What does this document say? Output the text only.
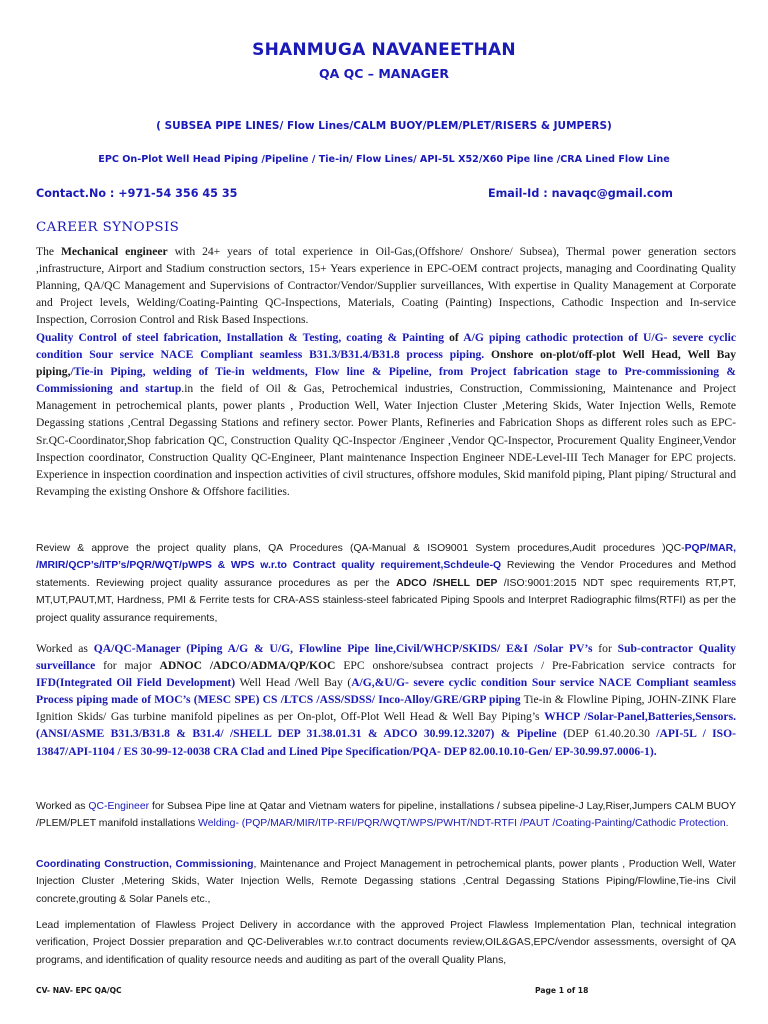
SHANMUGA NAVANEETHAN
QA QC – MANAGER
( SUBSEA PIPE LINES/ Flow Lines/CALM BUOY/PLEM/PLET/RISERS & JUMPERS)
EPC On-Plot Well Head Piping /Pipeline / Tie-in/ Flow Lines/ API-5L X52/X60 Pipe line /CRA Lined Flow Line
Contact.No : +971-54 356 45 35	Email-Id : navaqc@gmail.com
CAREER SYNOPSIS
The Mechanical engineer with 24+ years of total experience in Oil-Gas,(Offshore/ Onshore/ Subsea), Thermal power generation sectors ,infrastructure, Airport and Stadium construction sectors, 15+ Years experience in EPC-OEM contract projects, managing and Coordinating Quality Planning, QA/QC Management and Supervisions of Contractor/Vendor/Supplier surveillances, With expertise in Quality Management at Corporate and Project levels, Welding/Coating-Painting QC-Inspections, Materials, Coating (Painting) Inspections, Cathodic Inspection and In-service Inspection, Corrosion Control and Risk Based Inspections.
Quality Control of steel fabrication, Installation & Testing, coating & Painting of A/G piping cathodic protection of U/G- severe cyclic condition Sour service NACE Compliant seamless B31.3/B31.4/B31.8 process piping. Onshore on-plot/off-plot Well Head, Well Bay piping,/Tie-in Piping, welding of Tie-in weldments, Flow line & Pipeline, from Project fabrication stage to Pre-commissioning & Commissioning and startup.in the field of Oil & Gas, Petrochemical industries, Construction, Commissioning, Maintenance and Project Management in petrochemical plants, power plants , Production Well, Water Injection Cluster ,Metering Skids, Water Injection Wells, Remote Degassing stations ,Central Degassing Stations and refinery sector. Power Plants, Refineries and Fabrication Shops as different roles such as EPC-Sr.QC-Coordinator,Shop fabrication QC, Construction Quality QC-Inspector /Engineer ,Vendor QC-Inspector, Procurement Quality Engineer,Vendor Inspection coordinator, Construction Quality QC-Engineer, Plant maintenance Inspection Engineer NDE-Level-III Tech Manager for EPC projects. Experience in inspection coordination and inspection activities of civil structures, offshore modules, Skid manifold piping, Plant piping/ Structural and Revamping the existing Onshore & Offshore facilities.
Review & approve the project quality plans, QA Procedures (QA-Manual & ISO9001 System procedures,Audit procedures )QC-PQP/MAR, /MRIR/QCP’s/ITP’s/PQR/WQT/pWPS & WPS w.r.to Contract quality requirement,Schdeule-Q Reviewing the Vendor Procedures and Method statements. Reviewing project quality assurance procedures as per the ADCO /SHELL DEP /ISO:9001:2015 NDT spec requirements RT,PT, MT,UT,PAUT,MT, Hardness, PMI & Ferrite tests for CRA-ASS stainless-steel fabricated Piping Spools and Interpret Radiographic films(RTFI) as per the project quality assurance requirements,
Worked as QA/QC-Manager (Piping A/G & U/G, Flowline Pipe line,Civil/WHCP/SKIDS/ E&I /Solar PV’s for Sub-contractor Quality surveillance for major ADNOC /ADCO/ADMA/QP/KOC EPC onshore/subsea contract projects / Pre-Fabrication service contracts for IFD(Integrated Oil Field Development) Well Head /Well Bay (A/G,&U/G- severe cyclic condition Sour service NACE Compliant seamless Process piping made of MOC’s (MESC SPE) CS /LTCS /ASS/SDSS/ Inco-Alloy/GRE/GRP piping Tie-in & Flowline Piping, JOHN-ZINK Flare Ignition Skids/ Gas turbine manifold pipelines as per On-plot, Off-Plot Well Head & Well Bay Piping’s WHCP /Solar-Panel,Batteries,Sensors. (ANSI/ASME B31.3/B31.8 & B31.4/ /SHELL DEP 31.38.01.31 & ADCO 30.99.12.3207) & Pipeline (DEP 61.40.20.30 /API-5L / ISO-13847/API-1104 / ES 30-99-12-0038 CRA Clad and Lined Pipe Specification/PQA- DEP 82.00.10.10-Gen/ EP-30.99.97.0006-1).
Worked as QC-Engineer for Subsea Pipe line at Qatar and Vietnam waters for pipeline, installations / subsea pipeline-J Lay,Riser,Jumpers CALM BUOY /PLEM/PLET manifold installations Welding- (PQP/MAR/MIR/ITP-RFI/PQR/WQT/WPS/PWHT/NDT-RTFI /PAUT /Coating-Painting/Cathodic Protection.
Coordinating Construction, Commissioning, Maintenance and Project Management in petrochemical plants, power plants , Production Well, Water Injection Cluster ,Metering Skids, Water Injection Wells, Remote Degassing stations ,Central Degassing Stations Piping/Flowline,Tie-ins Civil concrete,grouting & Solar Panels etc.,
Lead implementation of Flawless Project Delivery in accordance with the approved Project Flawless Implementation Plan, technical integration verification, Project Dossier preparation and QC-Deliverables w.r.to contract documents review,OIL&GAS,EPC/vendor assessments, oversight of QA programs, and identification of quality resource needs and auditing as part of the overall Quality Plans,
CV- NAV- EPC QA/QC	Page 1 of 18
